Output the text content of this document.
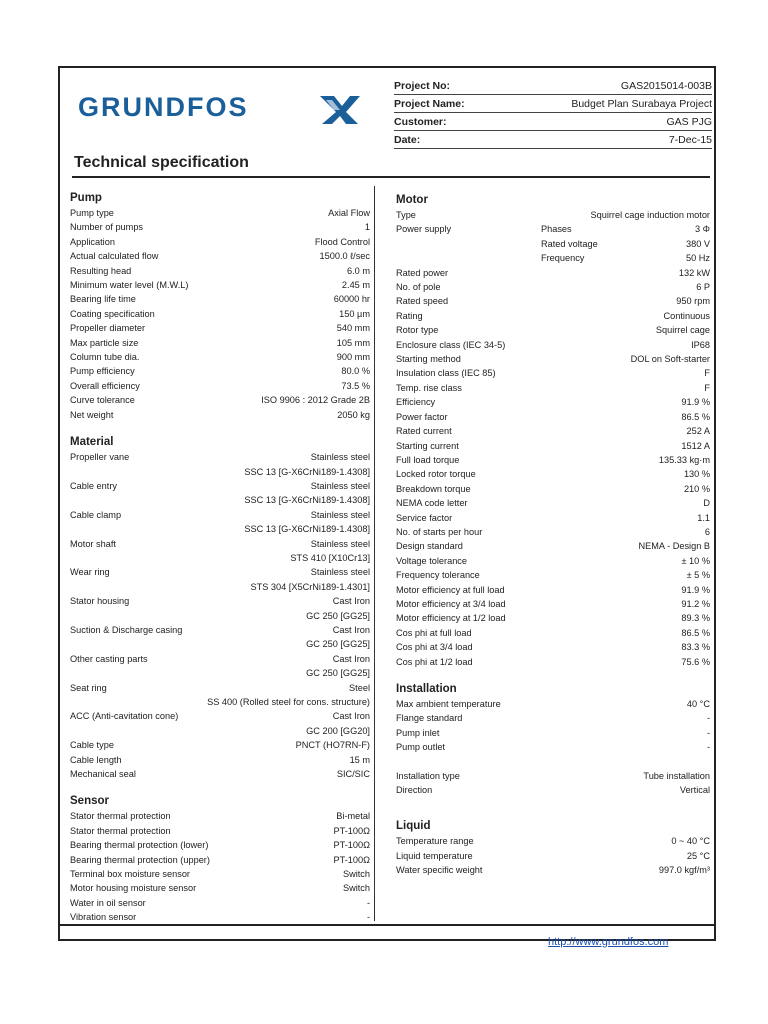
GRUNDFOS
Project No:	GAS2015014-003B
Project Name:	Budget Plan Surabaya Project
Customer:	GAS PJG
Date:	7-Dec-15
Technical specification
Pump
Pump type	Axial Flow
Number of pumps	1
Application	Flood Control
Actual calculated flow	1500.0 ℓ/sec
Resulting head	6.0 m
Minimum water level (M.W.L)	2.45 m
Bearing life time	60000 hr
Coating specification	150 µm
Propeller diameter	540 mm
Max particle size	105 mm
Column tube dia.	900 mm
Pump efficiency	80.0 %
Overall efficiency	73.5 %
Curve tolerance	ISO 9906 : 2012 Grade 2B
Net weight	2050 kg
Material
Propeller vane	Stainless steel
SSC 13 [G-X6CrNi189-1.4308]
Cable entry	Stainless steel
SSC 13 [G-X6CrNi189-1.4308]
Cable clamp	Stainless steel
SSC 13 [G-X6CrNi189-1.4308]
Motor shaft	Stainless steel
STS 410 [X10Cr13]
Wear ring	Stainless steel
STS 304 [X5CrNi189-1.4301]
Stator housing	Cast Iron
GC 250 [GG25]
Suction & Discharge casing	Cast Iron
GC 250 [GG25]
Other casting parts	Cast Iron
GC 250 [GG25]
Seat ring	Steel
SS 400 (Rolled steel for cons. structure)
ACC (Anti-cavitation cone)	Cast Iron
GC 200 [GG20]
Cable type	PNCT (HO7RN-F)
Cable length	15 m
Mechanical seal	SIC/SIC
Sensor
Stator thermal protection	Bi-metal
Stator thermal protection	PT-100Ω
Bearing thermal protection (lower)	PT-100Ω
Bearing thermal protection (upper)	PT-100Ω
Terminal box moisture sensor	Switch
Motor housing moisture sensor	Switch
Water in oil sensor	-
Vibration sensor	-
Motor
Type	Squirrel cage induction motor
Power supply	Phases	3 Φ
Rated voltage	380 V
Frequency	50 Hz
Rated power	132 kW
No. of pole	6 P
Rated speed	950 rpm
Rating	Continuous
Rotor type	Squirrel cage
Enclosure class (IEC 34-5)	IP68
Starting method	DOL on Soft-starter
Insulation class (IEC 85)	F
Temp. rise class	F
Efficiency	91.9 %
Power factor	86.5 %
Rated current	252 A
Starting current	1512 A
Full load torque	135.33 kg·m
Locked rotor torque	130 %
Breakdown torque	210 %
NEMA code letter	D
Service factor	1.1
No. of starts per hour	6
Design standard	NEMA - Design B
Voltage tolerance	± 10 %
Frequency tolerance	± 5 %
Motor efficiency at full load	91.9 %
Motor efficiency at 3/4 load	91.2 %
Motor efficiency at 1/2 load	89.3 %
Cos phi at full load	86.5 %
Cos phi at 3/4 load	83.3 %
Cos phi at 1/2 load	75.6 %
Installation
Max ambient temperature	40 °C
Flange standard	-
Pump inlet	-
Pump outlet	-
Installation type	Tube installation
Direction	Vertical
Liquid
Temperature range	0 ~ 40 °C
Liquid temperature	25 °C
Water specific weight	997.0 kgf/m³
http://www.grundfos.com
